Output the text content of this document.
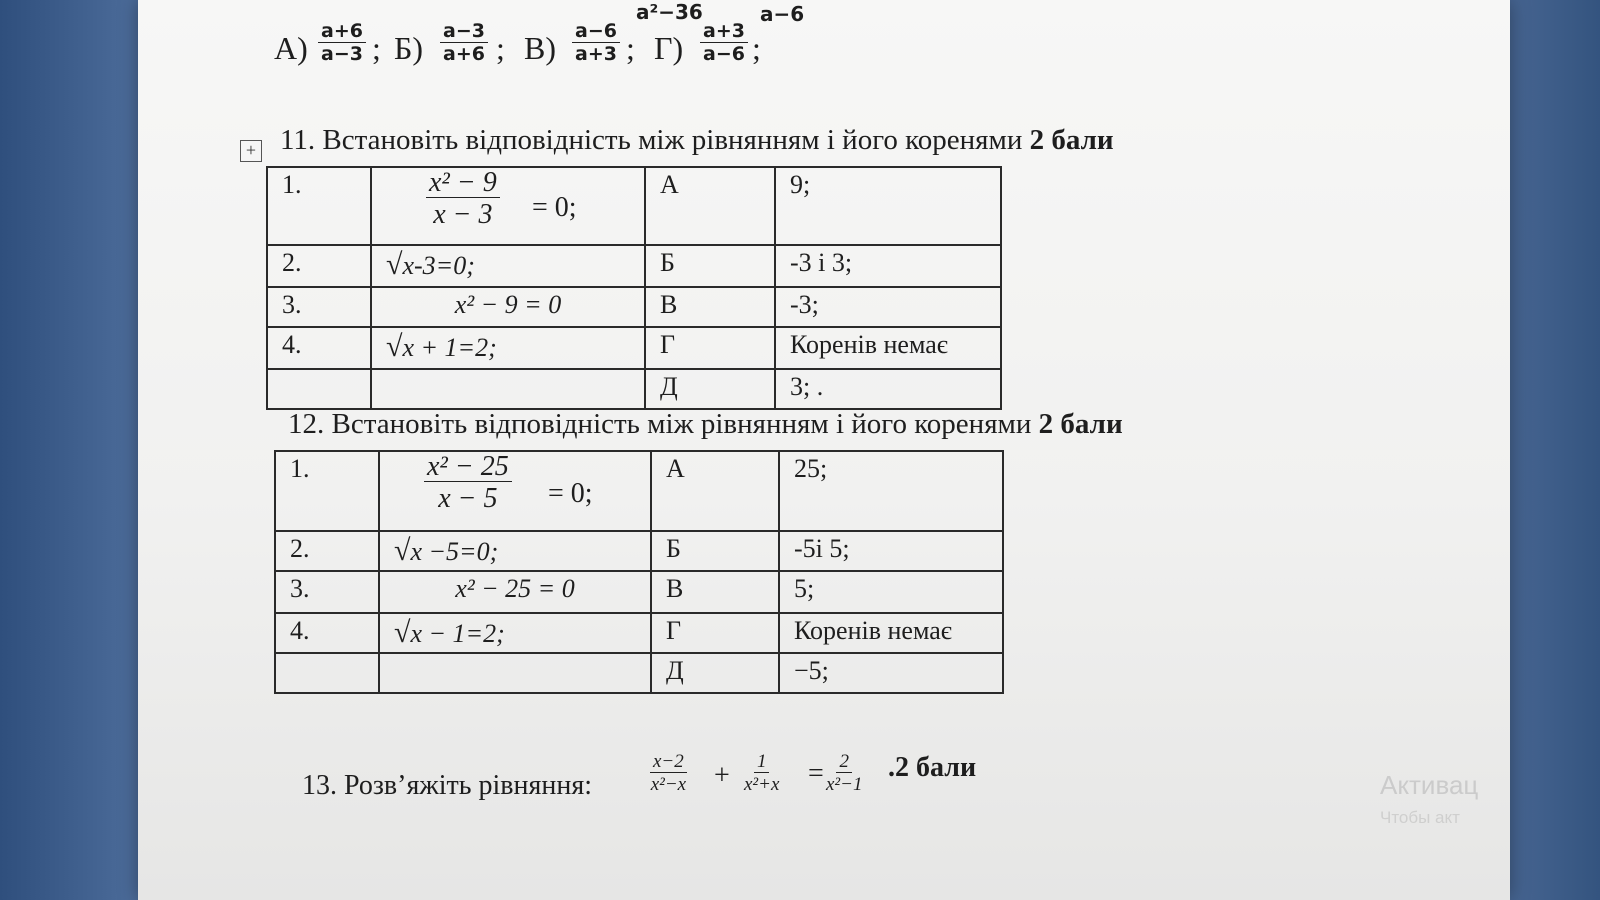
a²−36	a−6
$А) \frac{a+6}{a-3}$ ; $Б) \frac{a-3}{a+6}$ ; $В) \frac{a-6}{a+3}$ ; $Г) \frac{a+3}{a-6}$ ;
+ 11. Встановіть відповідність між рівнянням і його коренями 2 бали
1.	$\frac{\text{x² − 9}}{x - 3} = 0$;	А	9;
2.	√x-3=0;	Б	-3 і 3;
3.	x² − 9 = 0	В	-3;
4.	√x + 1=2;	Г	Коренів немає
		Д	3; .
12. Встановіть відповідність між рівнянням і його коренями 2 бали
1.	$\frac{\text{x² − 25}}{x - 5} = 0$;	А	25;
2.	√x −5=0;	Б	-5і 5;
3.	x² − 25 = 0	В	5;
4.	√x − 1=2;	Г	Коренів немає
		Д	−5;
13. Розв’яжіть рівняння:	$\frac{x-2}{\text{x²−x}} + \frac{1}{\text{x²+x}} = \frac{2}{\text{x²−1}} .2$ бали
Активац
Чтобы акт
